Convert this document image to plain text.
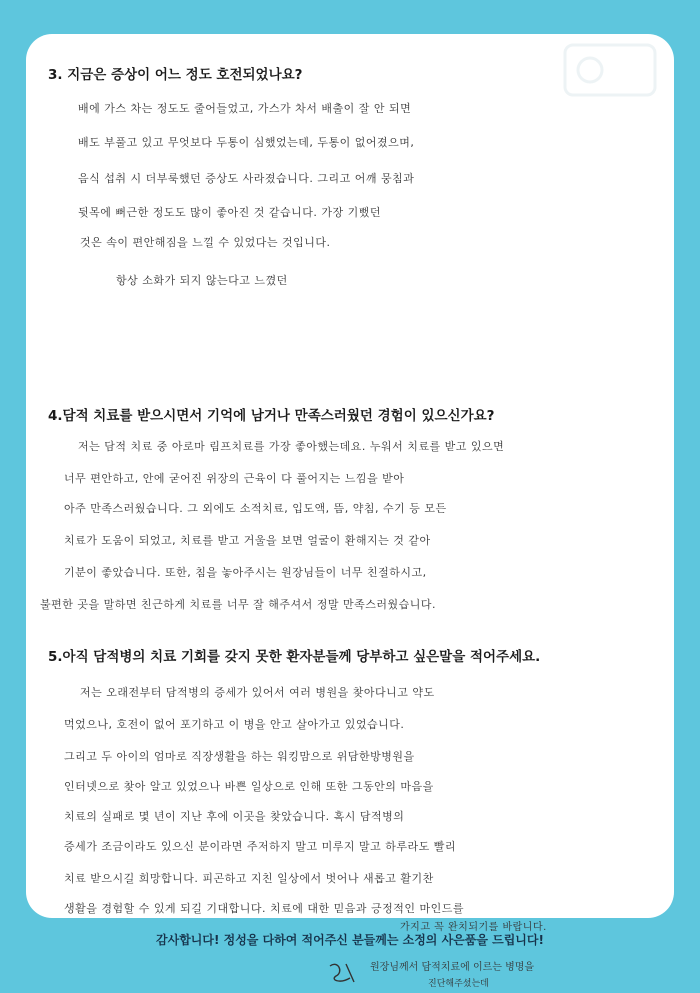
3. 지금은 증상이 어느 정도 호전되었나요?
배에 가스 차는 정도도 줄어들었고, 가스가 차서 배출이 잘 안 되면
배도 부풀고 있고 무엇보다 두통이 심했었는데, 두통이 없어졌으며,
음식 섭취 시 더부룩했던 증상도 사라졌습니다. 그리고 어깨 뭉침과
뒷목에 뻐근한 정도도 많이 좋아진 것 같습니다. 가장 기뻤던
것은 속이 편안해짐을 느낄 수 있었다는 것입니다.
항상 소화가 되지 않는다고 느꼈던
4.담적 치료를 받으시면서 기억에 남거나 만족스러웠던 경험이 있으신가요?
저는 담적 치료 중 아로마 림프치료를 가장 좋아했는데요. 누워서 치료를 받고 있으면
너무 편안하고, 안에 굳어진 위장의 근육이 다 풀어지는 느낌을 받아
아주 만족스러웠습니다. 그 외에도 소적치료, 입도액, 뜸, 약침, 수기 등 모든
치료가 도움이 되었고, 치료를 받고 거울을 보면 얼굴이 환해지는 것 같아
기분이 좋았습니다. 또한, 침을 놓아주시는 원장님들이 너무 친절하시고,
불편한 곳을 말하면 친근하게 치료를 너무 잘 해주셔서 정말 만족스러웠습니다.
5.아직 담적병의 치료 기회를 갖지 못한 환자분들께 당부하고 싶은말을 적어주세요.
저는 오래전부터 담적병의 증세가 있어서 여러 병원을 찾아다니고 약도
먹었으나, 호전이 없어 포기하고 이 병을 안고 살아가고 있었습니다.
그리고 두 아이의 엄마로 직장생활을 하는 워킹맘으로 위담한방병원을
인터넷으로 찾아 알고 있었으나 바쁜 일상으로 인해 또한 그동안의 마음을
치료의 실패로 몇 년이 지난 후에 이곳을 찾았습니다. 혹시 담적병의
증세가 조금이라도 있으신 분이라면 주저하지 말고 미루지 말고 하루라도 빨리
치료 받으시길 희망합니다. 피곤하고 지친 일상에서 벗어나 새롭고 활기찬
생활을 경험할 수 있게 되길 기대합니다. 치료에 대한 믿음과 긍정적인 마인드를
가지고 꼭 완치되기를 바랍니다.
감사합니다! 정성을 다하여 적어주신 분들께는 소정의 사은품을 드립니다!
원장님께서 담적치료에 이르는 병명을
진단해주셨는데
